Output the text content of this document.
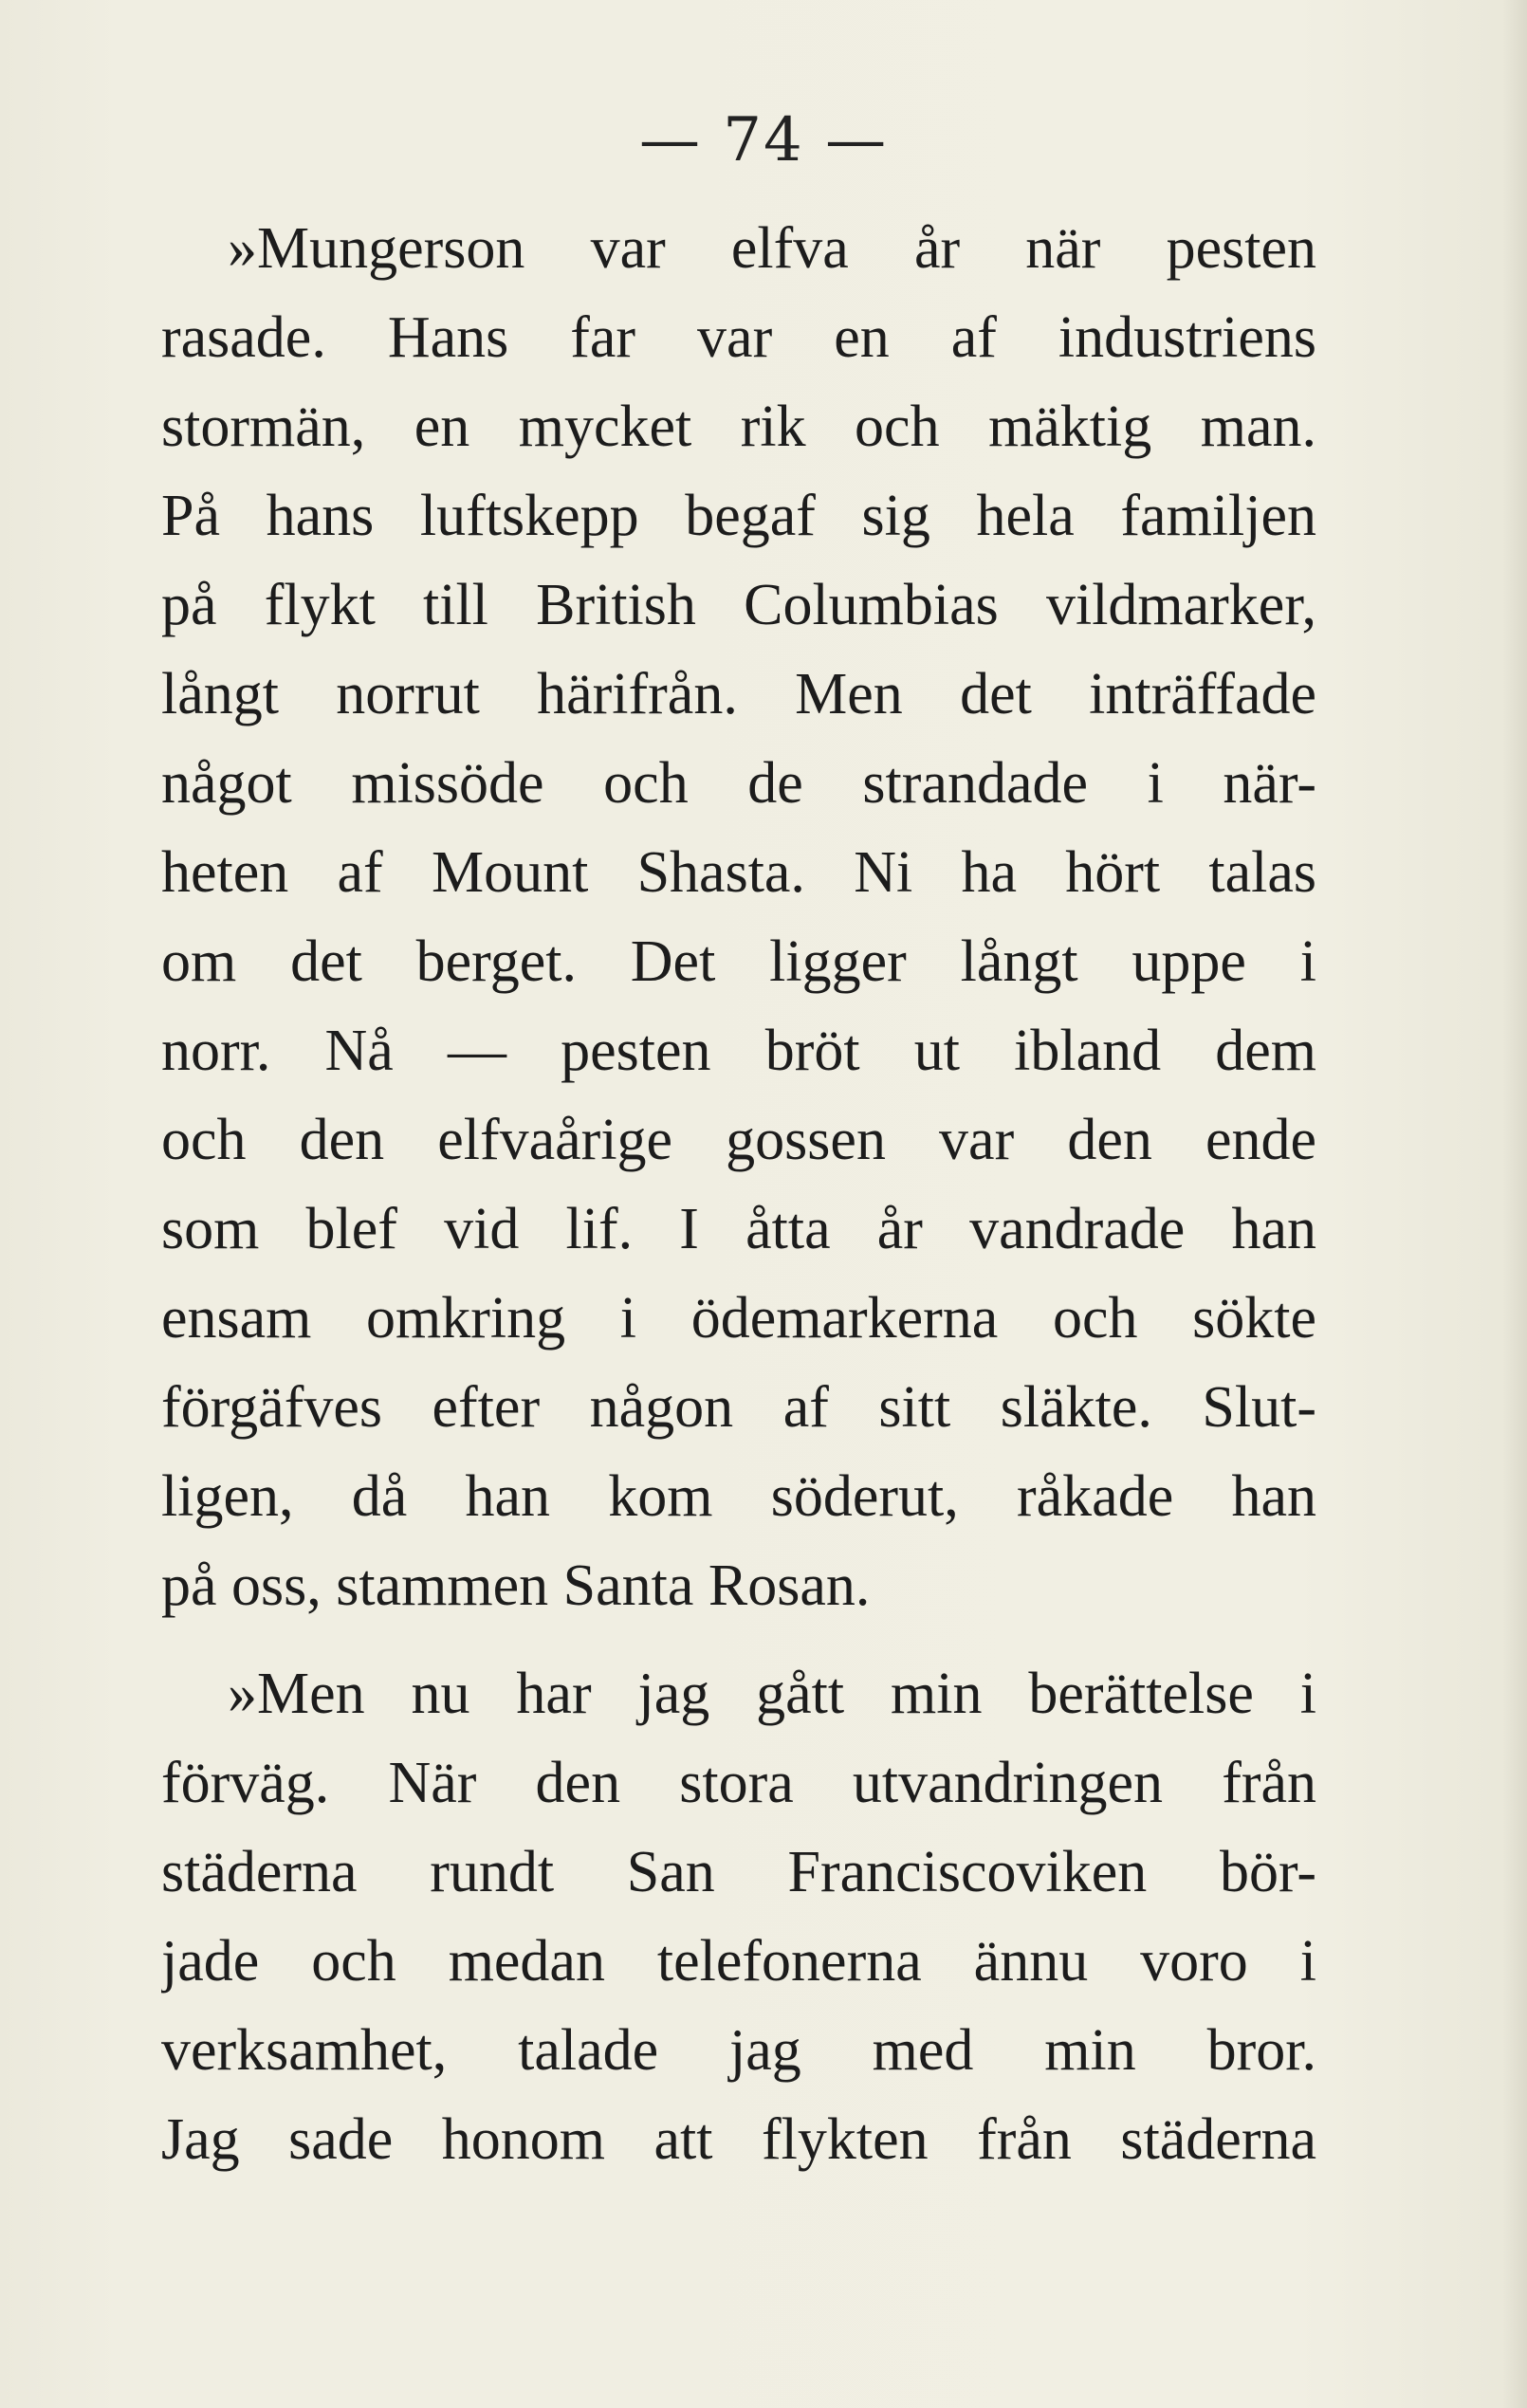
— 74 —
»Mungerson var elfva år när pesten
rasade. Hans far var en af industriens
stormän, en mycket rik och mäktig man.
På hans luftskepp begaf sig hela familjen
på flykt till British Columbias vildmarker,
långt norrut härifrån. Men det inträffade
något missöde och de strandade i när-
heten af Mount Shasta. Ni ha hört talas
om det berget. Det ligger långt uppe i
norr. Nå — pesten bröt ut ibland dem
och den elfvaårige gossen var den ende
som blef vid lif. I åtta år vandrade han
ensam omkring i ödemarkerna och sökte
förgäfves efter någon af sitt släkte. Slut-
ligen, då han kom söderut, råkade han
på oss, stammen Santa Rosan.
»Men nu har jag gått min berättelse i
förväg. När den stora utvandringen från
städerna rundt San Franciscoviken bör-
jade och medan telefonerna ännu voro i
verksamhet, talade jag med min bror.
Jag sade honom att flykten från städerna
